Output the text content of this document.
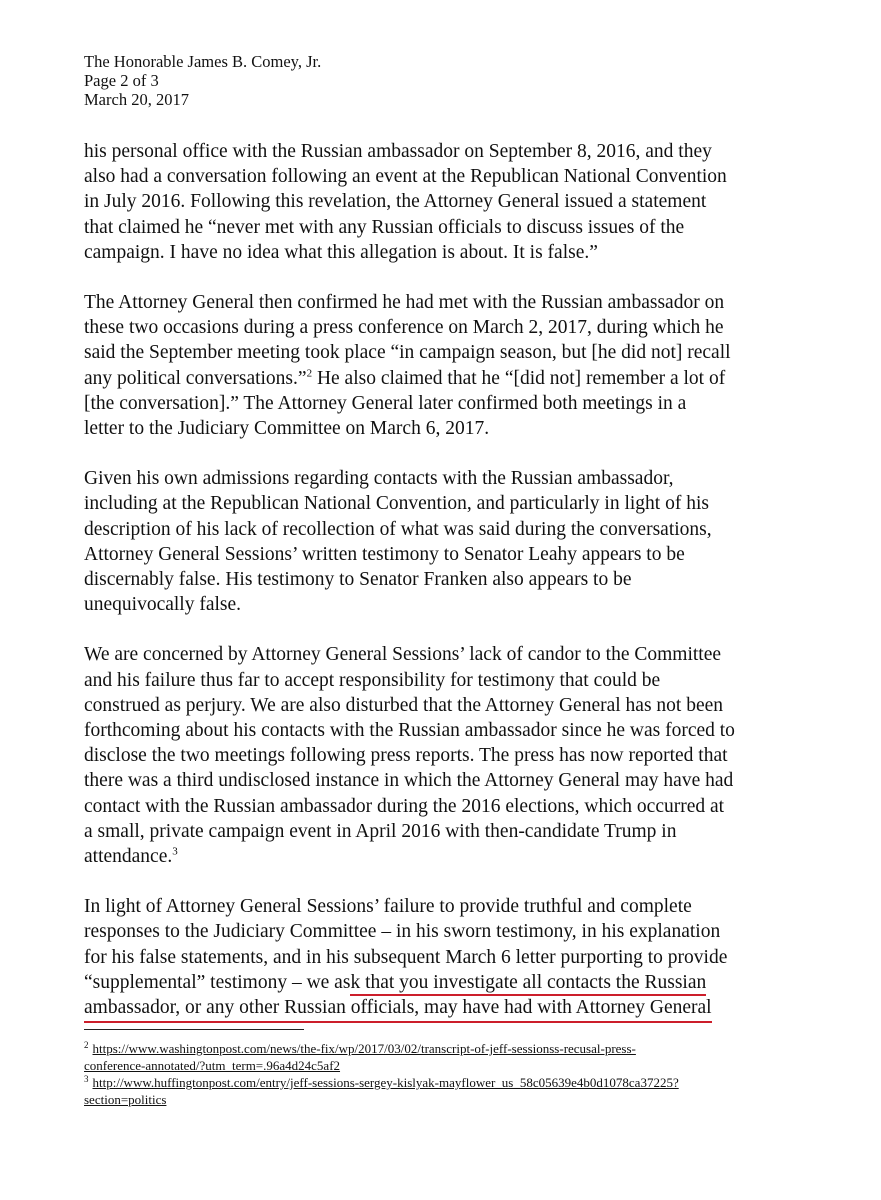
The Honorable James B. Comey, Jr.
Page 2 of 3
March 20, 2017

his personal office with the Russian ambassador on September 8, 2016, and they
also had a conversation following an event at the Republican National Convention
in July 2016. Following this revelation, the Attorney General issued a statement
that claimed he “never met with any Russian officials to discuss issues of the
campaign. I have no idea what this allegation is about. It is false.”

The Attorney General then confirmed he had met with the Russian ambassador on
these two occasions during a press conference on March 2, 2017, during which he
said the September meeting took place “in campaign season, but [he did not] recall
any political conversations.”$^2$ He also claimed that he “[did not] remember a lot of
[the conversation].” The Attorney General later confirmed both meetings in a
letter to the Judiciary Committee on March 6, 2017.

Given his own admissions regarding contacts with the Russian ambassador,
including at the Republican National Convention, and particularly in light of his
description of his lack of recollection of what was said during the conversations,
Attorney General Sessions’ written testimony to Senator Leahy appears to be
discernably false. His testimony to Senator Franken also appears to be
unequivocally false.

We are concerned by Attorney General Sessions’ lack of candor to the Committee
and his failure thus far to accept responsibility for testimony that could be
construed as perjury. We are also disturbed that the Attorney General has not been
forthcoming about his contacts with the Russian ambassador since he was forced to
disclose the two meetings following press reports. The press has now reported that
there was a third undisclosed instance in which the Attorney General may have had
contact with the Russian ambassador during the 2016 elections, which occurred at
a small, private campaign event in April 2016 with then-candidate Trump in
attendance.$^3$

In light of Attorney General Sessions’ failure to provide truthful and complete
responses to the Judiciary Committee – in his sworn testimony, in his explanation
for his false statements, and in his subsequent March 6 letter purporting to provide
“supplemental” testimony – we ask that you investigate all contacts the Russian
ambassador, or any other Russian officials, may have had with Attorney General

$^2$ https://www.washingtonpost.com/news/the-fix/wp/2017/03/02/transcript-of-jeff-sessionss-recusal-press-
conference-annotated/?utm_term=.96a4d24c5af2
$^3$ http://www.huffingtonpost.com/entry/jeff-sessions-sergey-kislyak-mayflower_us_58c05639e4b0d1078ca37225?
section=politics
